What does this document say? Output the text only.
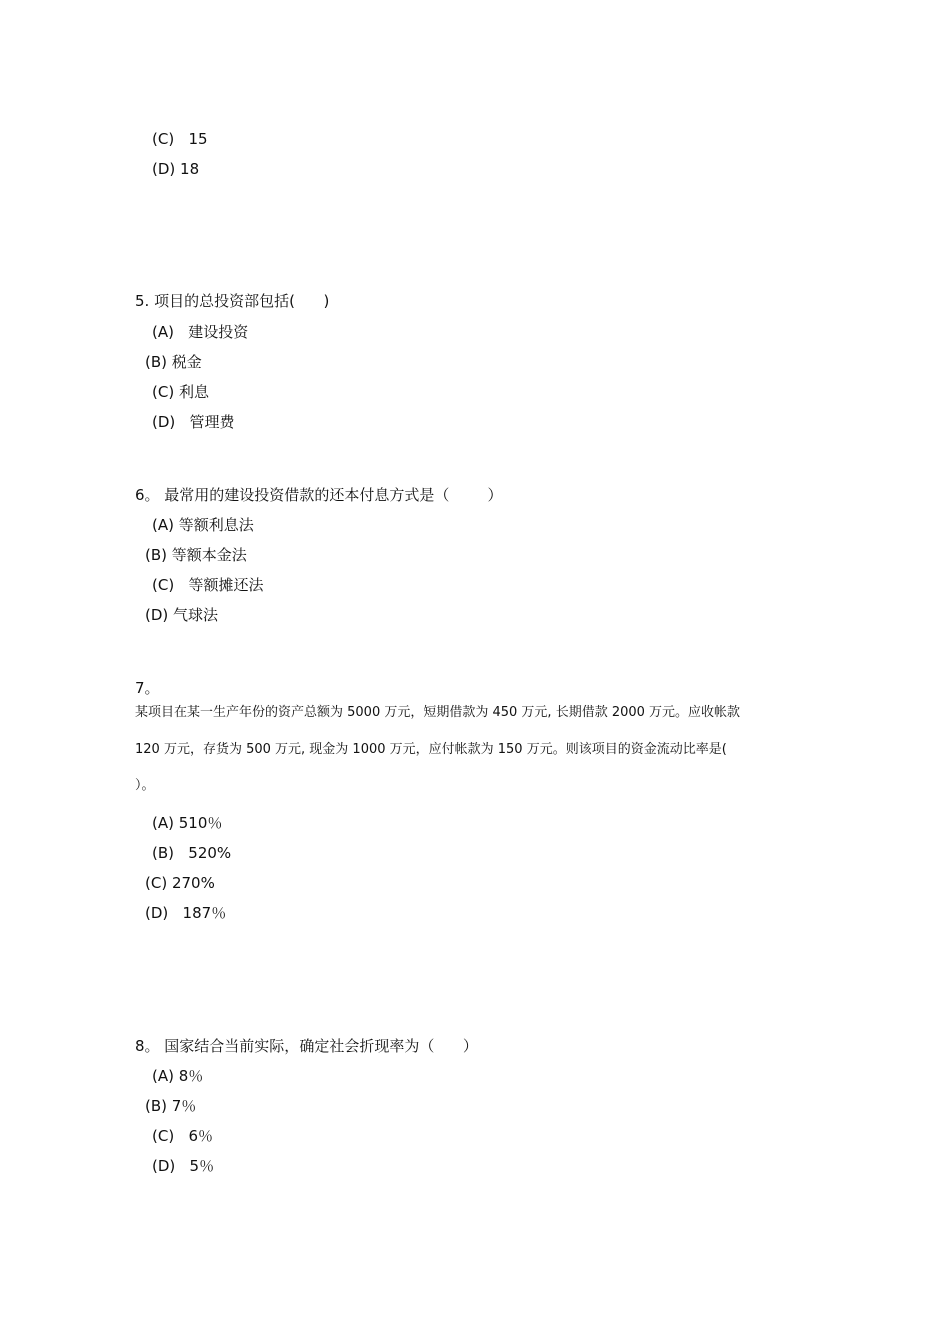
(C)   15
(D) 18
5. 项目的总投资部包括(      )
(A)   建设投资
(B) 税金
(C) 利息
(D)   管理费
6。 最常用的建设投资借款的还本付息方式是（        ）
(A) 等额利息法
(B) 等额本金法
(C)   等额摊还法
(D) 气球法
7。
某项目在某一生产年份的资产总额为 5000 万元，短期借款为 450 万元, 长期借款 2000 万元。应收帐款
120 万元，存货为 500 万元, 现金为 1000 万元，应付帐款为 150 万元。则该项目的资金流动比率是(
）。
(A) 510％
(B)   520%
(C) 270%
(D)   187％
8。 国家结合当前实际，确定社会折现率为（      ）
(A) 8％
(B) 7％
(C)   6％
(D)   5％
